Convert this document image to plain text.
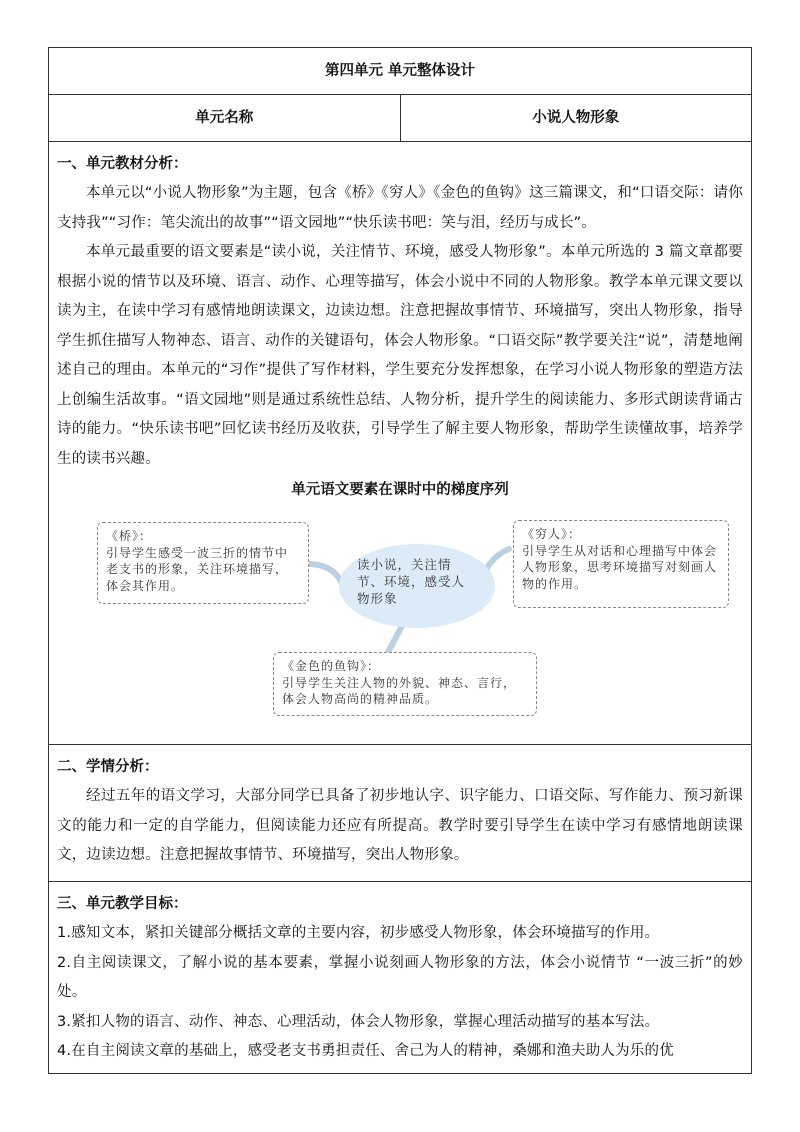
第四单元 单元整体设计
单元名称	小说人物形象

一、单元教材分析：

本单元以“小说人物形象”为主题，包含《桥》《穷人》《金色的鱼钩》这三篇课文，和“口语交际：请你支持我”“习作：笔尖流出的故事”“语文园地”“快乐读书吧：笑与泪，经历与成长”。

本单元最重要的语文要素是“读小说，关注情节、环境，感受人物形象”。本单元所选的 3 篇文章都要根据小说的情节以及环境、语言、动作、心理等描写，体会小说中不同的人物形象。教学本单元课文要以读为主，在读中学习有感情地朗读课文，边读边想。注意把握故事情节、环境描写，突出人物形象，指导学生抓住描写人物神态、语言、动作的关键语句，体会人物形象。“口语交际”教学要关注“说”，清楚地阐述自己的理由。本单元的“习作”提供了写作材料，学生要充分发挥想象，在学习小说人物形象的塑造方法上创编生活故事。“语文园地”则是通过系统性总结、人物分析，提升学生的阅读能力、多形式朗读背诵古诗的能力。“快乐读书吧”回忆读书经历及收获，引导学生了解主要人物形象，帮助学生读懂故事，培养学生的读书兴趣。

单元语文要素在课时中的梯度序列
《桥》：
引导学生感受一波三折的情节中老支书的形象，关注环境描写，体会其作用。
读小说，关注情节、环境，感受人物形象
《穷人》：
引导学生从对话和心理描写中体会人物形象，思考环境描写对刻画人物的作用。
《金色的鱼钩》：
引导学生关注人物的外貌、神态、言行，体会人物高尚的精神品质。

二、学情分析：

经过五年的语文学习，大部分同学已具备了初步地认字、识字能力、口语交际、写作能力、预习新课文的能力和一定的自学能力，但阅读能力还应有所提高。教学时要引导学生在读中学习有感情地朗读课文，边读边想。注意把握故事情节、环境描写，突出人物形象。

三、单元教学目标：

1.感知文本，紧扣关键部分概括文章的主要内容，初步感受人物形象，体会环境描写的作用。

2.自主阅读课文，了解小说的基本要素，掌握小说刻画人物形象的方法，体会小说情节 “一波三折”的妙处。

3.紧扣人物的语言、动作、神态、心理活动，体会人物形象，掌握心理活动描写的基本写法。

4.在自主阅读文章的基础上，感受老支书勇担责任、舍己为人的精神，桑娜和渔夫助人为乐的优
